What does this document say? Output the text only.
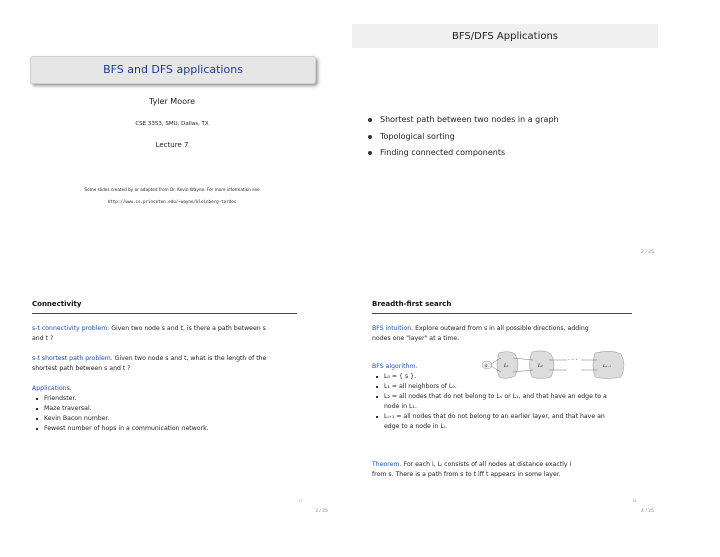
BFS and DFS applications
Tyler Moore
CSE 3353, SMU, Dallas, TX
Lecture 7
Some slides created by or adapted from Dr. Kevin Wayne. For more information see
http://www.cs.princeton.edu/~wayne/kleinberg-tardos
BFS/DFS Applications
Shortest path between two nodes in a graph
Topological sorting
Finding connected components
2 / 25
Connectivity
s-t connectivity problem. Given two node s and t, is there a path between s
and t ?
s-t shortest path problem. Given two node s and t, what is the length of the
shortest path between s and t ?
Applications.
Friendster.
Maze traversal.
Kevin Bacon number.
Fewest number of hops in a communication network.
17
3 / 25
Breadth-first search
BFS intuition. Explore outward from s in all possible directions, adding
nodes one "layer" at a time.
s	L₁	L₂
· · ·
Lₙ₋₁
BFS algorithm.
L₀ = { s }.
L₁ = all neighbors of L₀.
L₂ = all nodes that do not belong to L₀ or L₁, and that have an edge to a
node in L₁.
Lᵢ₊₁ = all nodes that do not belong to an earlier layer, and that have an
edge to a node in Lᵢ.
Theorem. For each i, Lᵢ consists of all nodes at distance exactly i
from s. There is a path from s to t iff t appears in some layer.
18
4 / 25
